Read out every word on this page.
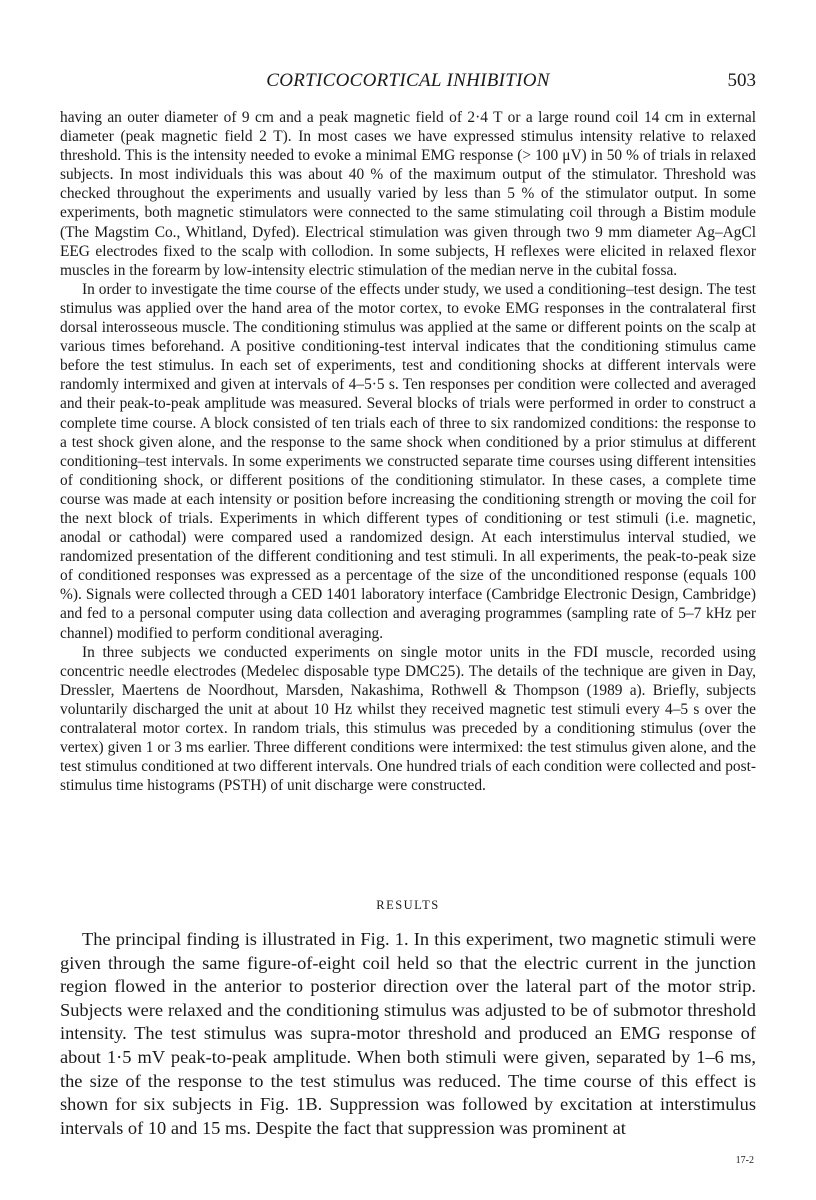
CORTICOCORTICAL INHIBITION	503

having an outer diameter of 9 cm and a peak magnetic field of 2·4 T or a large round coil 14 cm in external diameter (peak magnetic field 2 T). In most cases we have expressed stimulus intensity relative to relaxed threshold. This is the intensity needed to evoke a minimal EMG response (> 100 μV) in 50 % of trials in relaxed subjects. In most individuals this was about 40 % of the maximum output of the stimulator. Threshold was checked throughout the experiments and usually varied by less than 5 % of the stimulator output. In some experiments, both magnetic stimulators were connected to the same stimulating coil through a Bistim module (The Magstim Co., Whitland, Dyfed). Electrical stimulation was given through two 9 mm diameter Ag–AgCl EEG electrodes fixed to the scalp with collodion. In some subjects, H reflexes were elicited in relaxed flexor muscles in the forearm by low-intensity electric stimulation of the median nerve in the cubital fossa.

In order to investigate the time course of the effects under study, we used a conditioning–test design. The test stimulus was applied over the hand area of the motor cortex, to evoke EMG responses in the contralateral first dorsal interosseous muscle. The conditioning stimulus was applied at the same or different points on the scalp at various times beforehand. A positive conditioning-test interval indicates that the conditioning stimulus came before the test stimulus. In each set of experiments, test and conditioning shocks at different intervals were randomly intermixed and given at intervals of 4–5·5 s. Ten responses per condition were collected and averaged and their peak-to-peak amplitude was measured. Several blocks of trials were performed in order to construct a complete time course. A block consisted of ten trials each of three to six randomized conditions: the response to a test shock given alone, and the response to the same shock when conditioned by a prior stimulus at different conditioning–test intervals. In some experiments we constructed separate time courses using different intensities of conditioning shock, or different positions of the conditioning stimulator. In these cases, a complete time course was made at each intensity or position before increasing the conditioning strength or moving the coil for the next block of trials. Experiments in which different types of conditioning or test stimuli (i.e. magnetic, anodal or cathodal) were compared used a randomized design. At each interstimulus interval studied, we randomized presentation of the different conditioning and test stimuli. In all experiments, the peak-to-peak size of conditioned responses was expressed as a percentage of the size of the unconditioned response (equals 100 %). Signals were collected through a CED 1401 laboratory interface (Cambridge Electronic Design, Cambridge) and fed to a personal computer using data collection and averaging programmes (sampling rate of 5–7 kHz per channel) modified to perform conditional averaging.

In three subjects we conducted experiments on single motor units in the FDI muscle, recorded using concentric needle electrodes (Medelec disposable type DMC25). The details of the technique are given in Day, Dressler, Maertens de Noordhout, Marsden, Nakashima, Rothwell & Thompson (1989 a). Briefly, subjects voluntarily discharged the unit at about 10 Hz whilst they received magnetic test stimuli every 4–5 s over the contralateral motor cortex. In random trials, this stimulus was preceded by a conditioning stimulus (over the vertex) given 1 or 3 ms earlier. Three different conditions were intermixed: the test stimulus given alone, and the test stimulus conditioned at two different intervals. One hundred trials of each condition were collected and post-stimulus time histograms (PSTH) of unit discharge were constructed.

RESULTS

The principal finding is illustrated in Fig. 1. In this experiment, two magnetic stimuli were given through the same figure-of-eight coil held so that the electric current in the junction region flowed in the anterior to posterior direction over the lateral part of the motor strip. Subjects were relaxed and the conditioning stimulus was adjusted to be of submotor threshold intensity. The test stimulus was supra-motor threshold and produced an EMG response of about 1·5 mV peak-to-peak amplitude. When both stimuli were given, separated by 1–6 ms, the size of the response to the test stimulus was reduced. The time course of this effect is shown for six subjects in Fig. 1B. Suppression was followed by excitation at interstimulus intervals of 10 and 15 ms. Despite the fact that suppression was prominent at

17-2
